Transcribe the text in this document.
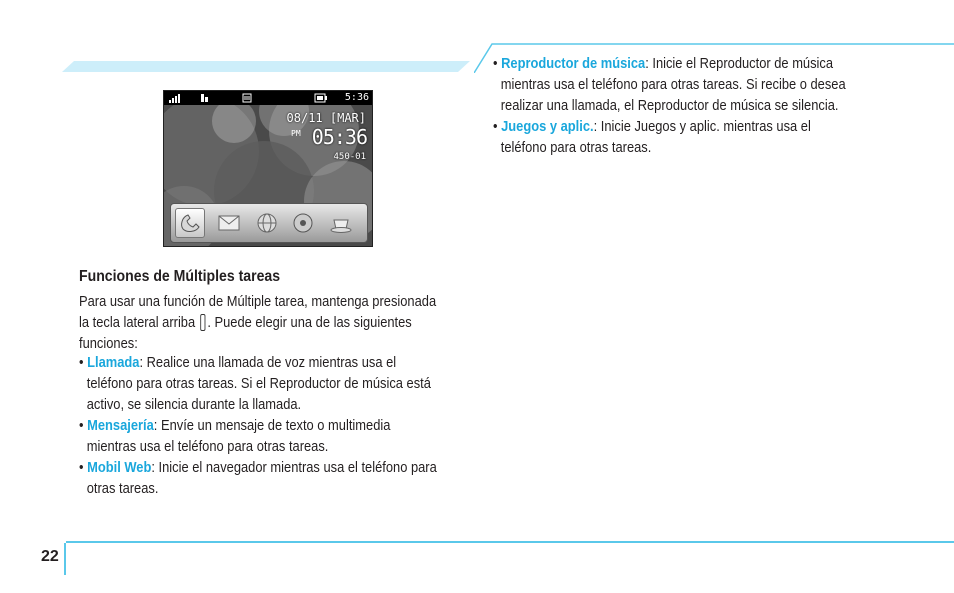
5:36
08/11 [MAR]
PM 05:36
450-01
Funciones de Múltiples tareas
Para usar una función de Múltiple tarea, mantenga presionada
la tecla lateral arriba . Puede elegir una de las siguientes
funciones:
• Llamada: Realice una llamada de voz mientras usa el
teléfono para otras tareas. Si el Reproductor de música está
activo, se silencia durante la llamada.
• Mensajería: Envíe un mensaje de texto o multimedia
mientras usa el teléfono para otras tareas.
• Mobil Web: Inicie el navegador mientras usa el teléfono para
otras tareas.
• Reproductor de música: Inicie el Reproductor de música
mientras usa el teléfono para otras tareas. Si recibe o desea
realizar una llamada, el Reproductor de música se silencia.
• Juegos y aplic.: Inicie Juegos y aplic. mientras usa el
teléfono para otras tareas.
22
